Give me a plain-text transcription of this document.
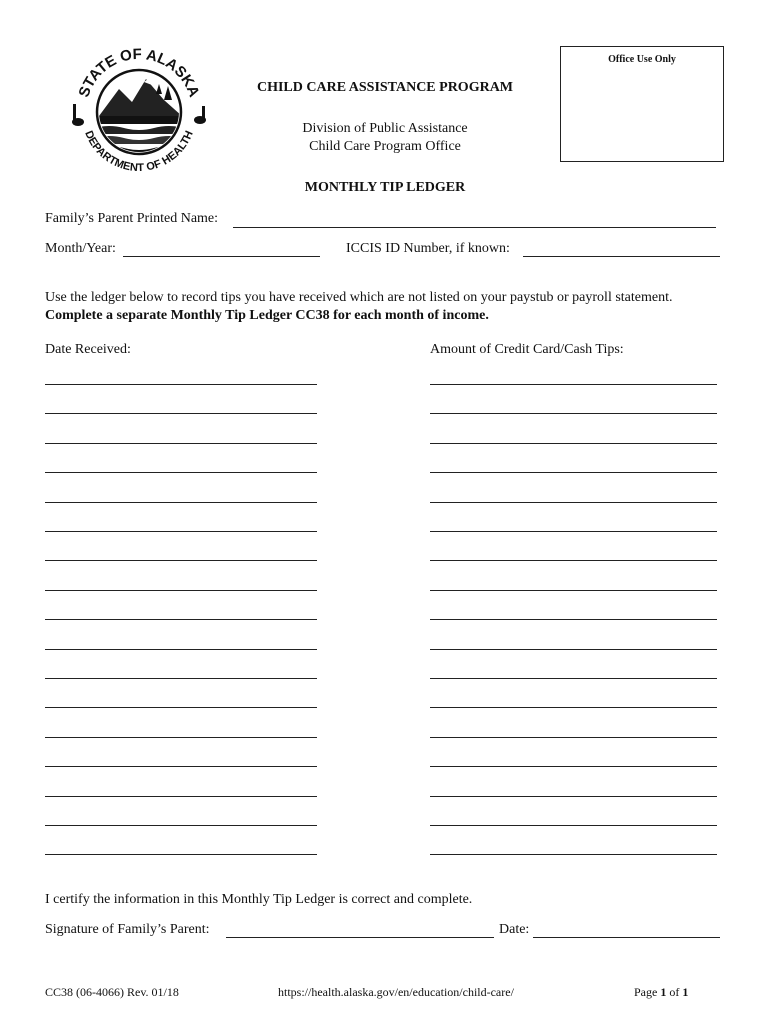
STATE OF ALASKA
DEPARTMENT OF HEALTH
CHILD CARE ASSISTANCE PROGRAM
Division of Public Assistance
Child Care Program Office
Office Use Only
MONTHLY TIP LEDGER
Family’s Parent Printed Name:
Month/Year:	ICCIS ID Number, if known:
Use the ledger below to record tips you have received which are not listed on your paystub or payroll statement.
Complete a separate Monthly Tip Ledger CC38 for each month of income.
Date Received:	Amount of Credit Card/Cash Tips:
I certify the information in this Monthly Tip Ledger is correct and complete.
Signature of Family’s Parent:	Date:
CC38 (06-4066) Rev. 01/18	https://health.alaska.gov/en/education/child-care/	Page 1 of 1
